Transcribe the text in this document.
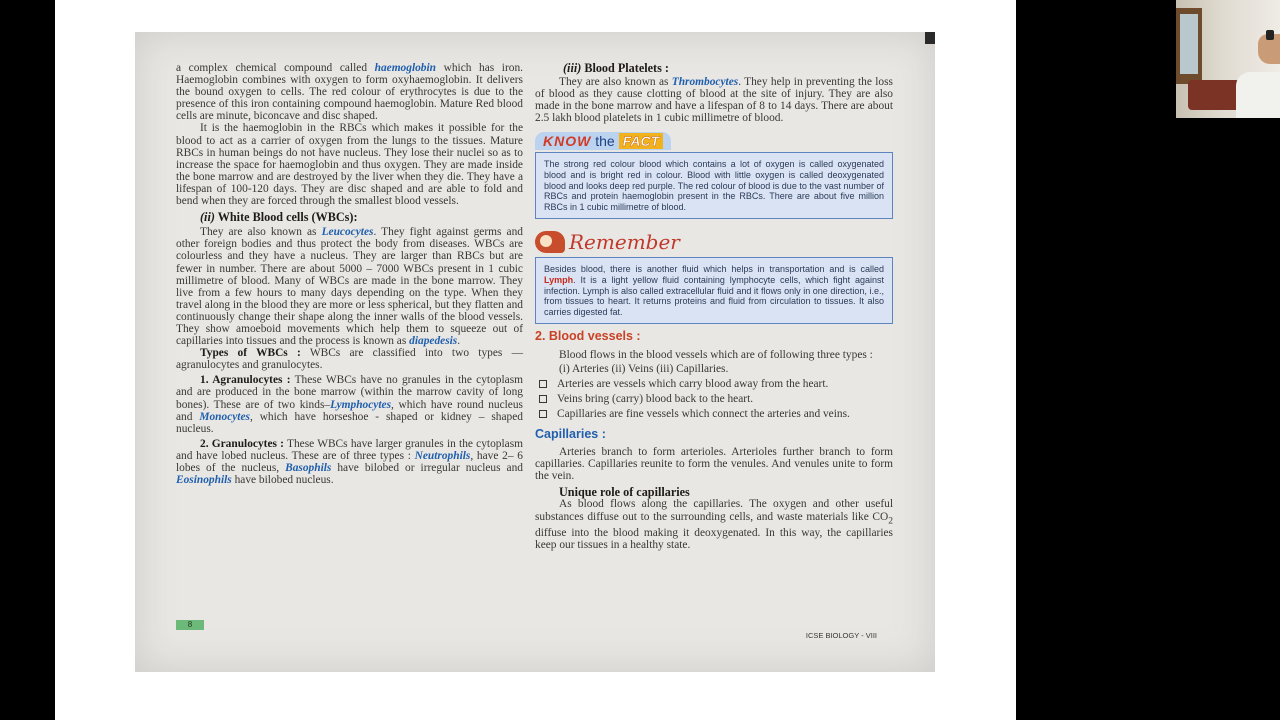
a complex chemical compound called haemoglobin which has iron. Haemoglobin combines with oxygen to form oxyhaemoglobin. It delivers the bound oxygen to cells. The red colour of erythrocytes is due to the presence of this iron containing compound haemoglobin. Mature Red blood cells are minute, biconcave and disc shaped.

It is the haemoglobin in the RBCs which makes it possible for the blood to act as a carrier of oxygen from the lungs to the tissues. Mature RBCs in human beings do not have nucleus. They lose their nuclei so as to increase the space for haemoglobin and thus oxygen. They are made inside the bone marrow and are destroyed by the liver when they die. They have a lifespan of 100-120 days. They are disc shaped and are able to fold and bend when they are forced through the smallest blood vessels.

(ii) White Blood cells (WBCs):

They are also known as Leucocytes. They fight against germs and other foreign bodies and thus protect the body from diseases. WBCs are colourless and they have a nucleus. They are larger than RBCs but are fewer in number. There are about 5000 – 7000 WBCs present in 1 cubic millimetre of blood. Many of WBCs are made in the bone marrow. They live from a few hours to many days depending on the type. When they travel along in the blood they are more or less spherical, but they flatten and continuously change their shape along the inner walls of the blood vessels. They show amoeboid movements which help them to squeeze out of capillaries into tissues and the process is known as diapedesis.

Types of WBCs : WBCs are classified into two types — agranulocytes and granulocytes.

1. Agranulocytes : These WBCs have no granules in the cytoplasm and are produced in the bone marrow (within the marrow cavity of long bones). These are of two kinds–Lymphocytes, which have round nucleus and Monocytes, which have horseshoe - shaped or kidney – shaped nucleus.

2. Granulocytes : These WBCs have larger granules in the cytoplasm and have lobed nucleus. These are of three types : Neutrophils, have 2– 6 lobes of the nucleus, Basophils have bilobed or irregular nucleus and Eosinophils have bilobed nucleus.

(iii) Blood Platelets :

They are also known as Thrombocytes. They help in preventing the loss of blood as they cause clotting of blood at the site of injury. They are also made in the bone marrow and have a lifespan of 8 to 14 days. There are about 2.5 lakh blood platelets in 1 cubic millimetre of blood.

KNOW the FACT
The strong red colour blood which contains a lot of oxygen is called oxygenated blood and is bright red in colour. Blood with little oxygen is called deoxygenated blood and looks deep red purple. The red colour of blood is due to the vast number of RBCs and protein haemoglobin present in the RBCs. There are about five million RBCs in 1 cubic millimetre of blood.
Remember
Besides blood, there is another fluid which helps in transportation and is called Lymph. It is a light yellow fluid containing lymphocyte cells, which fight against infection. Lymph is also called extracellular fluid and it flows only in one direction, i.e., from tissues to heart. It returns proteins and fluid from circulation to tissues. It also carries digested fat.
2. Blood vessels :

Blood flows in the blood vessels which are of following three types :

(i) Arteries (ii) Veins (iii) Capillaries.

Arteries are vessels which carry blood away from the heart.
Veins bring (carry) blood back to the heart.
Capillaries are fine vessels which connect the arteries and veins.
Capillaries :

Arteries branch to form arterioles. Arterioles further branch to form capillaries. Capillaries reunite to form the venules. And venules unite to form the vein.

Unique role of capillaries

As blood flows along the capillaries. The oxygen and other useful substances diffuse out to the surrounding cells, and waste materials like $CO_2$ diffuse into the blood making it deoxygenated. In this way, the capillaries keep our tissues in a healthy state.

8
ICSE BIOLOGY - VIII
